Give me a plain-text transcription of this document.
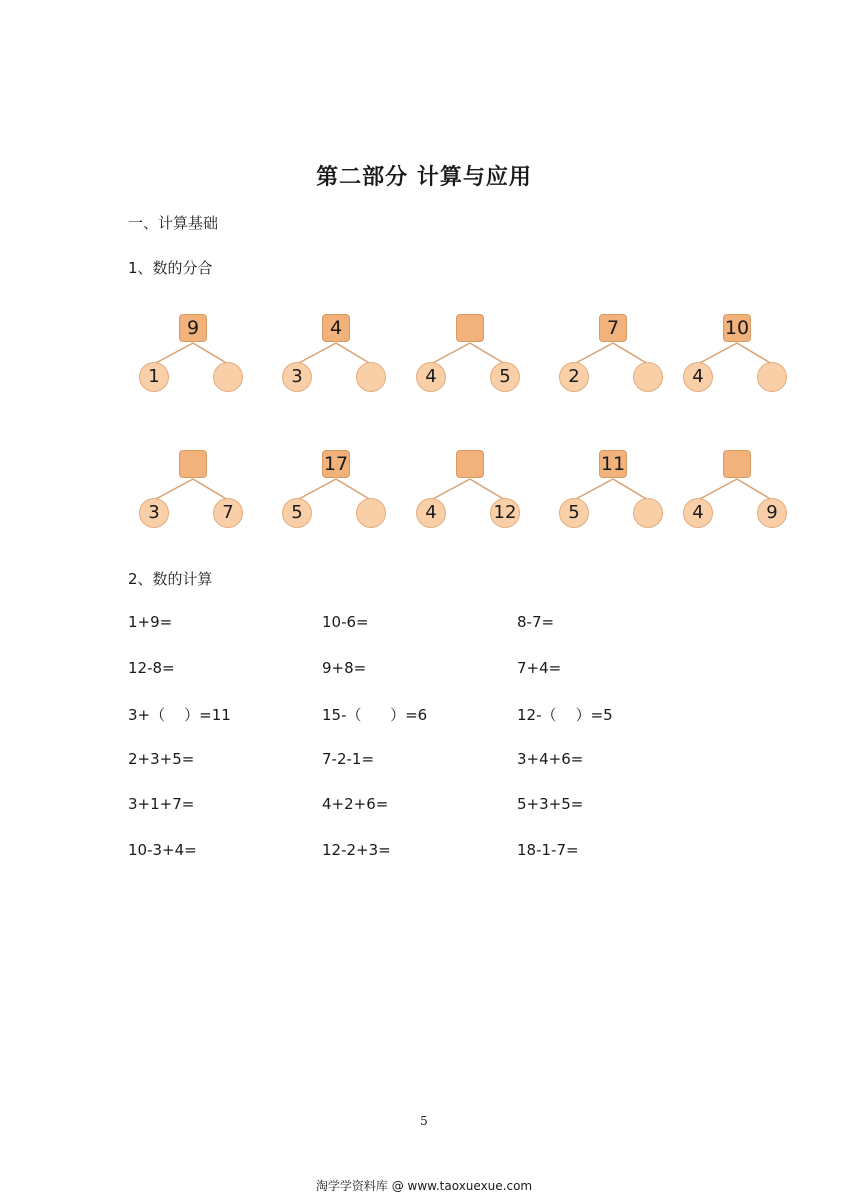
第二部分 计算与应用
一、计算基础
1、数的分合
9
1
4
3	4	5
7
2
10
4
3	7
17
5	4	12
11
5	4	9
2、数的计算
1+9=	10-6=	8-7=
12-8=	9+8=	7+4=
3+（    ）=11	15-（      ）=6	12-（    ）=5
2+3+5=	7-2-1=	3+4+6=
3+1+7=	4+2+6=	5+3+5=
10-3+4=	12-2+3=	18-1-7=
5
淘学学资料库 @ www.taoxuexue.com
